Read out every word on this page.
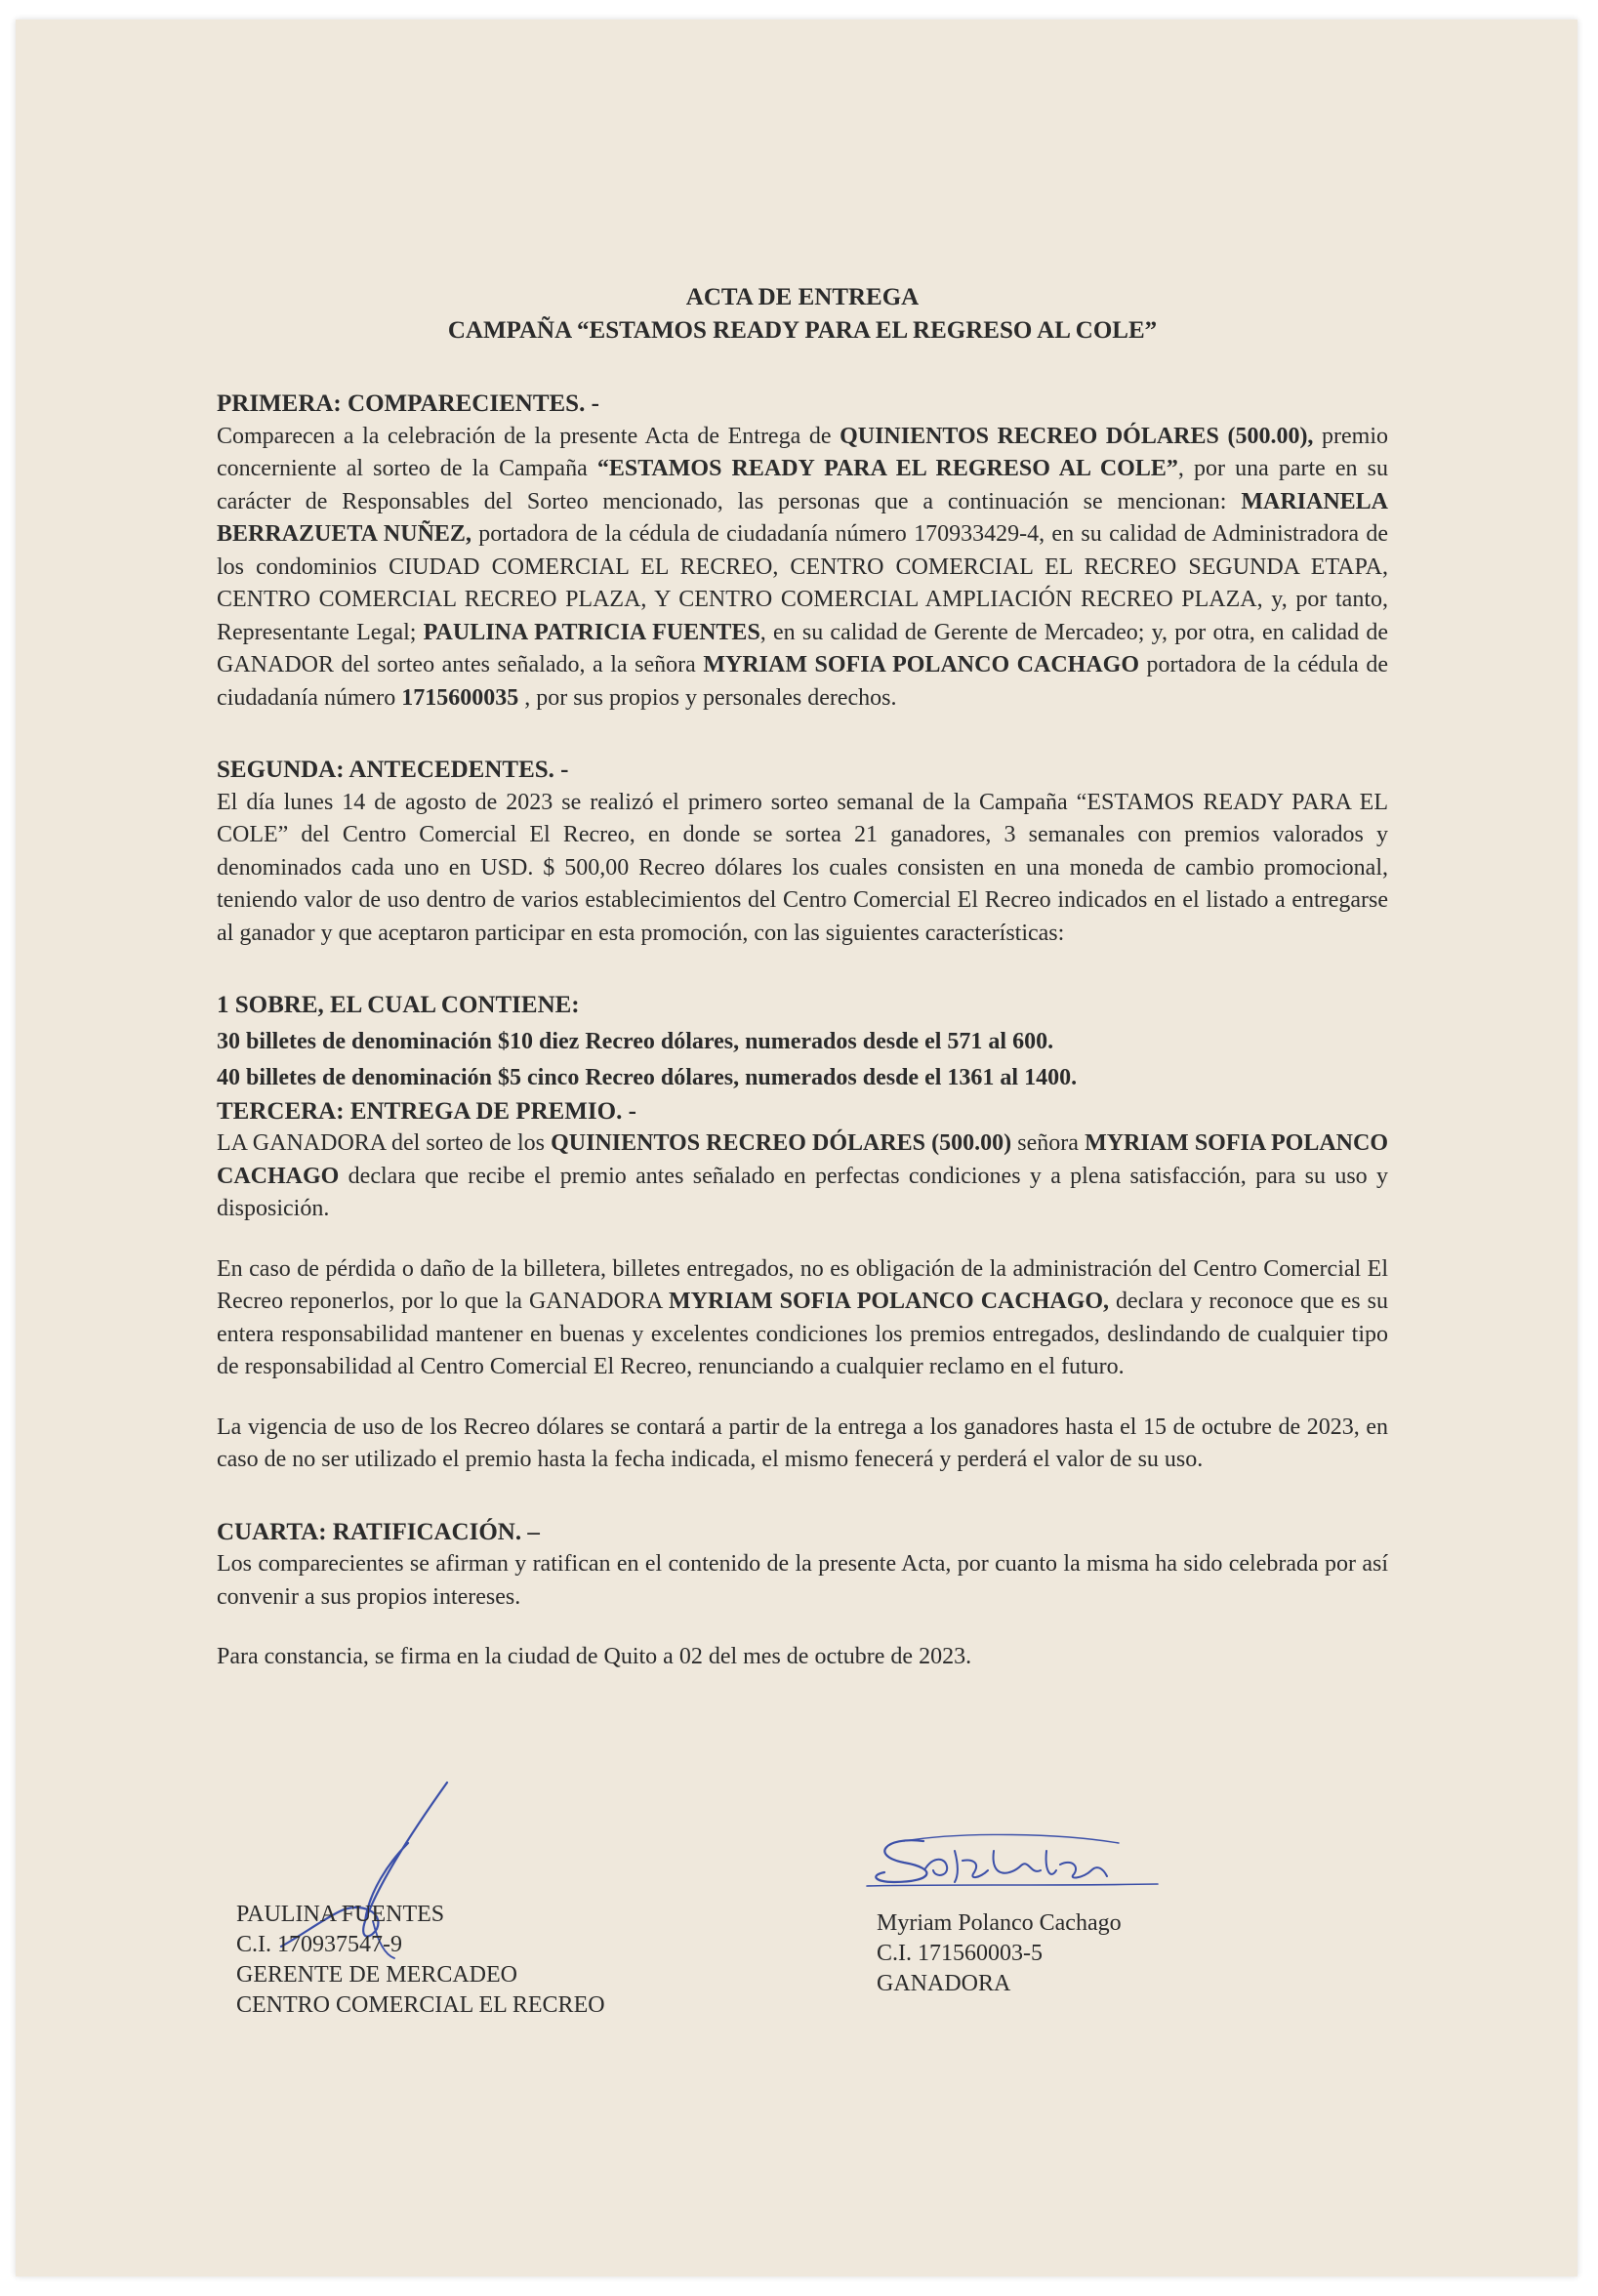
ACTA DE ENTREGA

CAMPAÑA “ESTAMOS READY PARA EL REGRESO AL COLE”

PRIMERA: COMPARECIENTES. -

Comparecen a la celebración de la presente Acta de Entrega de QUINIENTOS RECREO DÓLARES (500.00), premio concerniente al sorteo de la Campaña “ESTAMOS READY PARA EL REGRESO AL COLE”, por una parte en su carácter de Responsables del Sorteo mencionado, las personas que a continuación se mencionan: MARIANELA BERRAZUETA NUÑEZ, portadora de la cédula de ciudadanía número 170933429-4, en su calidad de Administradora de los condominios CIUDAD COMERCIAL EL RECREO, CENTRO COMERCIAL EL RECREO SEGUNDA ETAPA, CENTRO COMERCIAL RECREO PLAZA, Y CENTRO COMERCIAL AMPLIACIÓN RECREO PLAZA, y, por tanto, Representante Legal; PAULINA PATRICIA FUENTES, en su calidad de Gerente de Mercadeo; y, por otra, en calidad de GANADOR del sorteo antes señalado, a la señora MYRIAM SOFIA POLANCO CACHAGO portadora de la cédula de ciudadanía número 1715600035 , por sus propios y personales derechos.

SEGUNDA: ANTECEDENTES. -

El día lunes 14 de agosto de 2023 se realizó el primero sorteo semanal de la Campaña “ESTAMOS READY PARA EL COLE” del Centro Comercial El Recreo, en donde se sortea 21 ganadores, 3 semanales con premios valorados y denominados cada uno en USD. $ 500,00 Recreo dólares los cuales consisten en una moneda de cambio promocional, teniendo valor de uso dentro de varios establecimientos del Centro Comercial El Recreo indicados en el listado a entregarse al ganador y que aceptaron participar en esta promoción, con las siguientes características:

1 SOBRE, EL CUAL CONTIENE:

30 billetes de denominación $10 diez Recreo dólares, numerados desde el 571 al 600.

40 billetes de denominación $5 cinco Recreo dólares, numerados desde el 1361 al 1400.

TERCERA: ENTREGA DE PREMIO. -

LA GANADORA del sorteo de los QUINIENTOS RECREO DÓLARES (500.00) señora MYRIAM SOFIA POLANCO CACHAGO declara que recibe el premio antes señalado en perfectas condiciones y a plena satisfacción, para su uso y disposición.

En caso de pérdida o daño de la billetera, billetes entregados, no es obligación de la administración del Centro Comercial El Recreo reponerlos, por lo que la GANADORA MYRIAM SOFIA POLANCO CACHAGO, declara y reconoce que es su entera responsabilidad mantener en buenas y excelentes condiciones los premios entregados, deslindando de cualquier tipo de responsabilidad al Centro Comercial El Recreo, renunciando a cualquier reclamo en el futuro.

La vigencia de uso de los Recreo dólares se contará a partir de la entrega a los ganadores hasta el 15 de octubre de 2023, en caso de no ser utilizado el premio hasta la fecha indicada, el mismo fenecerá y perderá el valor de su uso.

CUARTA: RATIFICACIÓN. –

Los comparecientes se afirman y ratifican en el contenido de la presente Acta, por cuanto la misma ha sido celebrada por así convenir a sus propios intereses.

Para constancia, se firma en la ciudad de Quito a 02 del mes de octubre de 2023.

PAULINA FUENTES
C.I. 170937547-9
GERENTE DE MERCADEO
CENTRO COMERCIAL EL RECREO
Myriam Polanco Cachago
C.I. 171560003-5
GANADORA
